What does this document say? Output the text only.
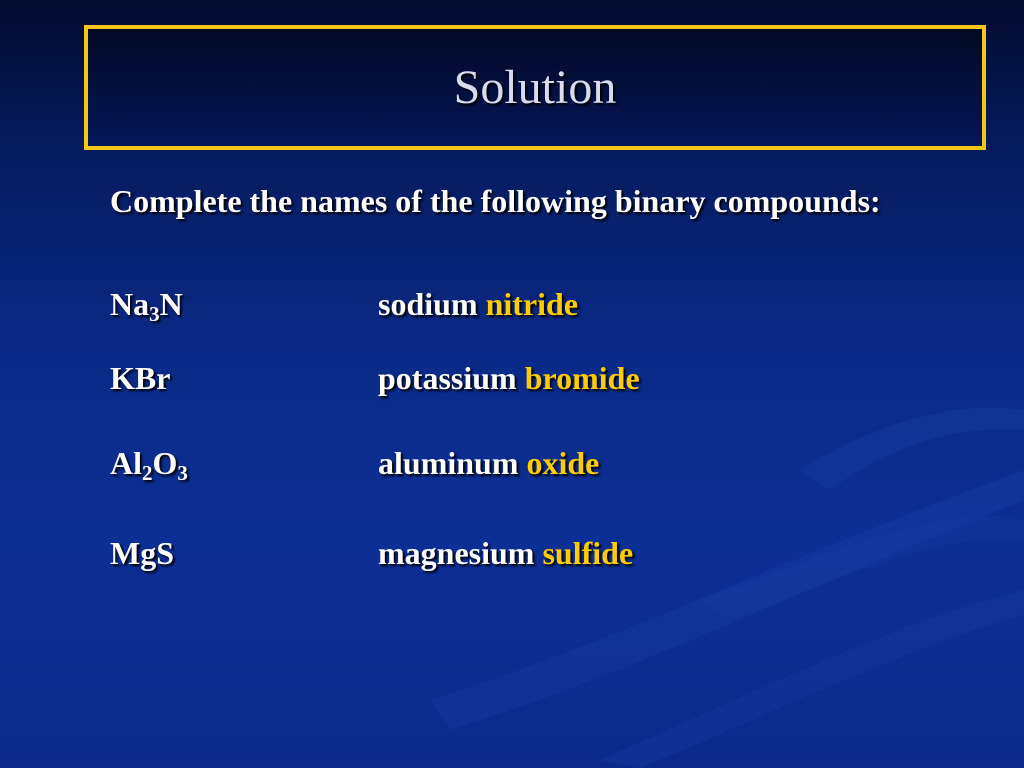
Solution
Complete the names of the following binary compounds:
$Na_3N$	sodium nitride
KBr	potassium bromide
$Al_2O_3$	aluminum oxide
MgS	magnesium sulfide
